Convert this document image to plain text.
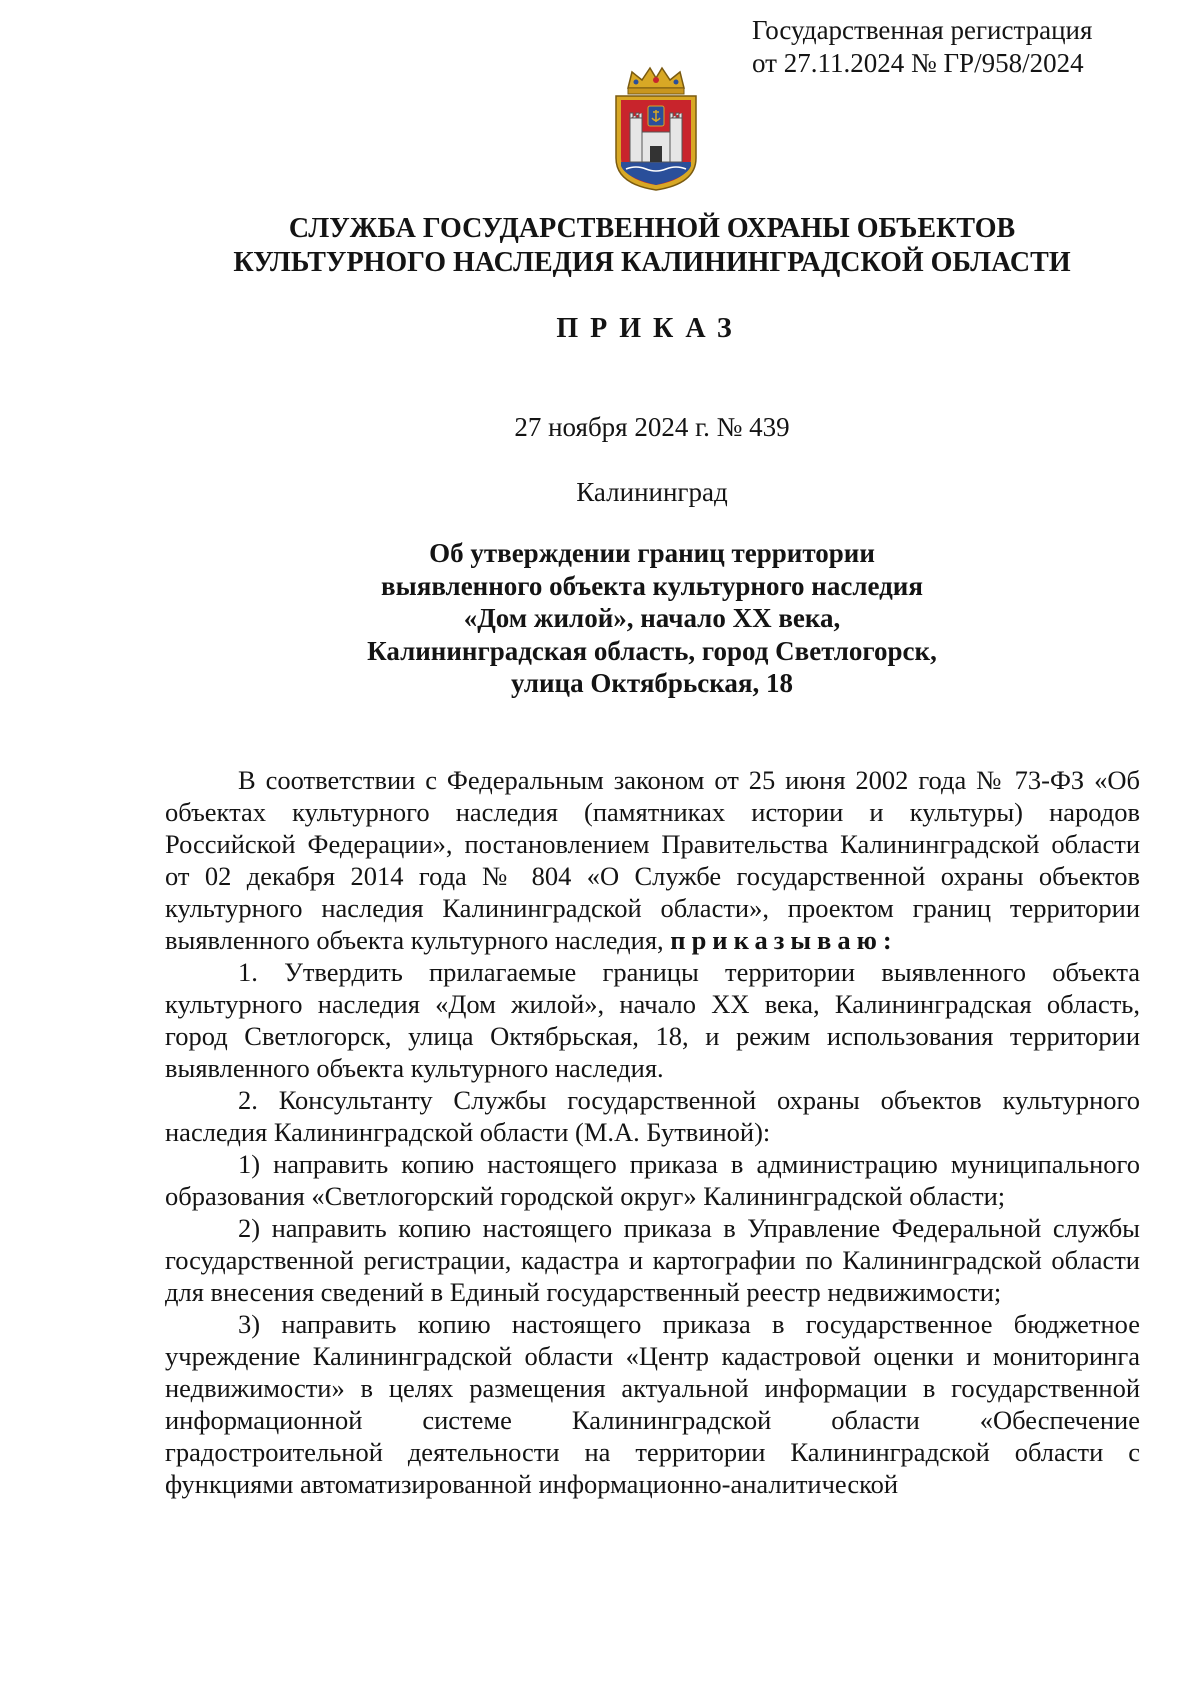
Государственная регистрация
от 27.11.2024 № ГР/958/2024
СЛУЖБА ГОСУДАРСТВЕННОЙ ОХРАНЫ ОБЪЕКТОВ
КУЛЬТУРНОГО НАСЛЕДИЯ КАЛИНИНГРАДСКОЙ ОБЛАСТИ
ПРИКАЗ
27 ноября 2024 г. № 439
Калининград
Об утверждении границ территории
выявленного объекта культурного наследия
«Дом жилой», начало ХХ века,
Калининградская область, город Светлогорск,
улица Октябрьская, 18

В соответствии с Федеральным законом от 25 июня 2002 года № 73-ФЗ «Об объектах культурного наследия (памятниках истории и культуры) народов Российской Федерации», постановлением Правительства Калининградской области от 02 декабря 2014 года № 804 «О Службе государственной охраны объектов культурного наследия Калининградской области», проектом границ территории выявленного объекта культурного наследия, приказываю:

1. Утвердить прилагаемые границы территории выявленного объекта культурного наследия «Дом жилой», начало ХХ века, Калининградская область, город Светлогорск, улица Октябрьская, 18, и режим использования территории выявленного объекта культурного наследия.

2. Консультанту Службы государственной охраны объектов культурного наследия Калининградской области (М.А. Бутвиной):

1) направить копию настоящего приказа в администрацию муниципального образования «Светлогорский городской округ» Калининградской области;

2) направить копию настоящего приказа в Управление Федеральной службы государственной регистрации, кадастра и картографии по Калининградской области для внесения сведений в Единый государственный реестр недвижимости;

3) направить копию настоящего приказа в государственное бюджетное учреждение Калининградской области «Центр кадастровой оценки и мониторинга недвижимости» в целях размещения актуальной информации в государственной информационной системе Калининградской области «Обеспечение градостроительной деятельности на территории Калининградской области с функциями автоматизированной информационно-аналитической
